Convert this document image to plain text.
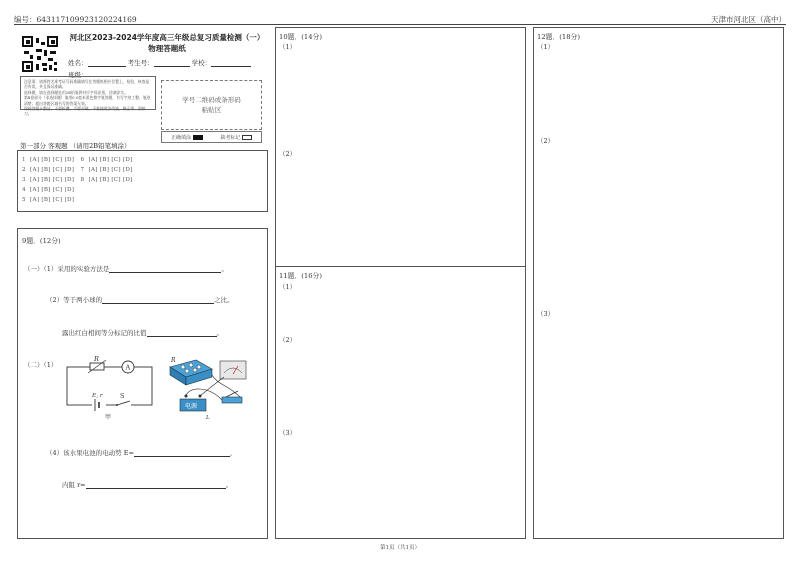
编号：643117109923120224169	天津市河北区（高中）
河北区2023-2024学年度高三年级总复习质量检测（一）
物理答题纸
姓名：	考生号：	学校：
班级：
注意事：请将姓名准考证号码准确填写在答题纸相应位置上，检验，核查是否有误，并且保证准确。
选择题，请在选择题处用2B铅笔将对应字母涂黑，涂满涂实。
第Ⅱ卷部分（非选择题）请用0.5毫米黑色签字笔答题，书写字迹工整、笔迹清楚；超出答题区域书写的答案无效。
保持答题卡整洁，不要折叠、不要弄破，不准使用涂改液、修正带、刮纸刀。
学号二维码或条形码
粘贴区
正确填涂	缺考标记
第一部分 客观题 （请用2B铅笔填涂）
1 [A] [B] [C] [D] 6 [A] [B] [C] [D]
2 [A] [B] [C] [D] 7 [A] [B] [C] [D]
3 [A] [B] [C] [D] 8 [A] [B] [C] [D]
4 [A] [B] [C] [D]
5 [A] [B] [C] [D]
9题．(12分)
（一）（1）采用的实验方法是	。
（2）等于两小球的	之比。
露出红白相间等分标记的比值	。
（二）（1）	A
R
E, r	S
甲
R
电源
L
（4）该水果电池的电动势 E=	，
内阻 r=	。
10题．(14分)
（1）
（2）
11题．(16分)
（1）
（2）
（3）
12题．(18分)
（1）
（2）
（3）
第1页（共1页）
